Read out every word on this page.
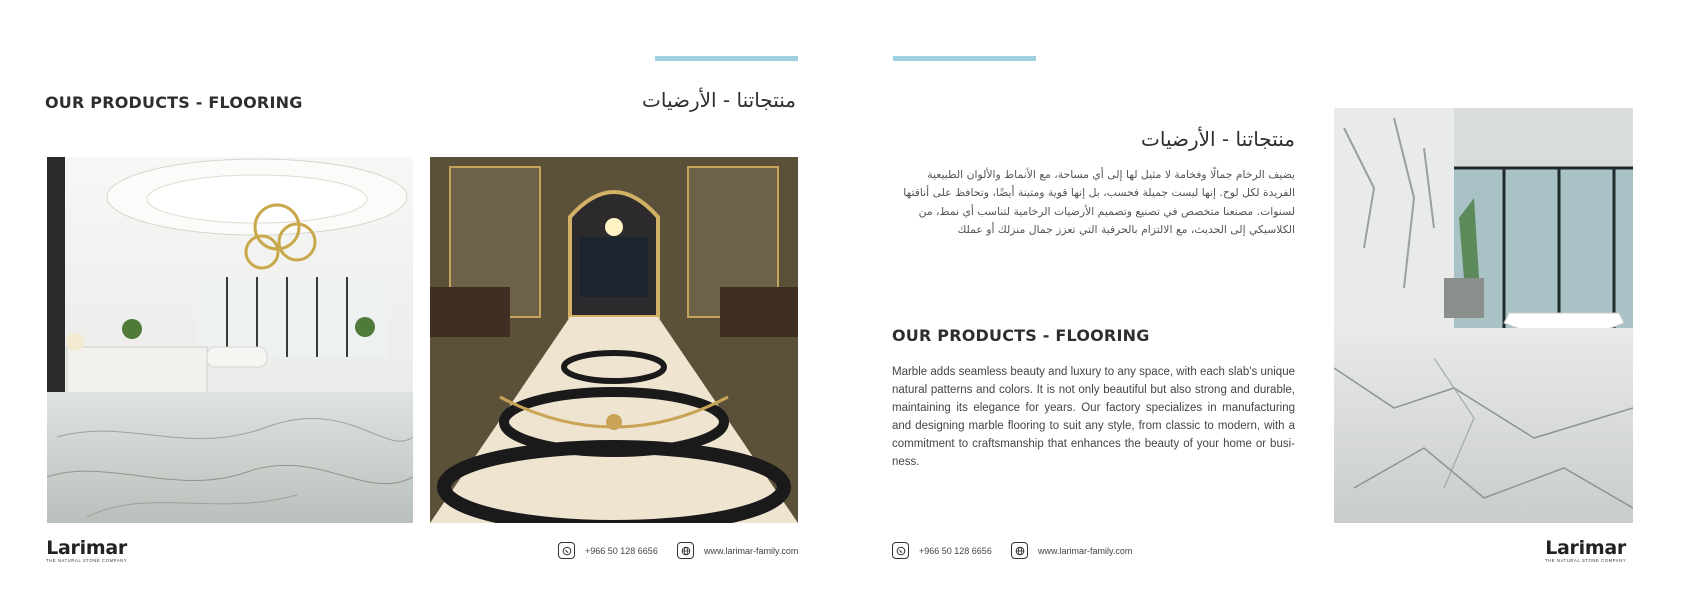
OUR PRODUCTS - FLOORING	منتجاتنا - الأرضيات
Larimar
THE NATURAL STONE COMPANY
+966 50 128 6656	www.larimar-family.com
منتجاتنا - الأرضيات
يضيف الرخام جمالًا وفخامة لا مثيل لها إلى أي مساحة، مع الأنماط والألوان الطبيعية الفريدة لكل لوح. إنها ليست جميلة فحسب، بل إنها قوية ومتينة أيضًا، وتحافظ على أناقتها لسنوات. مصنعنا متخصص في تصنيع وتصميم الأرضيات الرخامية لتناسب أي نمط، من الكلاسيكي إلى الحديث، مع الالتزام بالحرفية التي تعزز جمال منزلك أو عملك
OUR PRODUCTS - FLOORING
Marble adds seamless beauty and luxury to any space, with each slab's unique natural patterns and colors. It is not only beautiful but also strong and durable, maintaining its elegance for years. Our factory specializes in manufacturing and designing marble flooring to suit any style, from classic to modern, with a commitment to craftsmanship that enhances the beauty of your home or busi-ness.
+966 50 128 6656	www.larimar-family.com	Larimar
THE NATURAL STONE COMPANY
